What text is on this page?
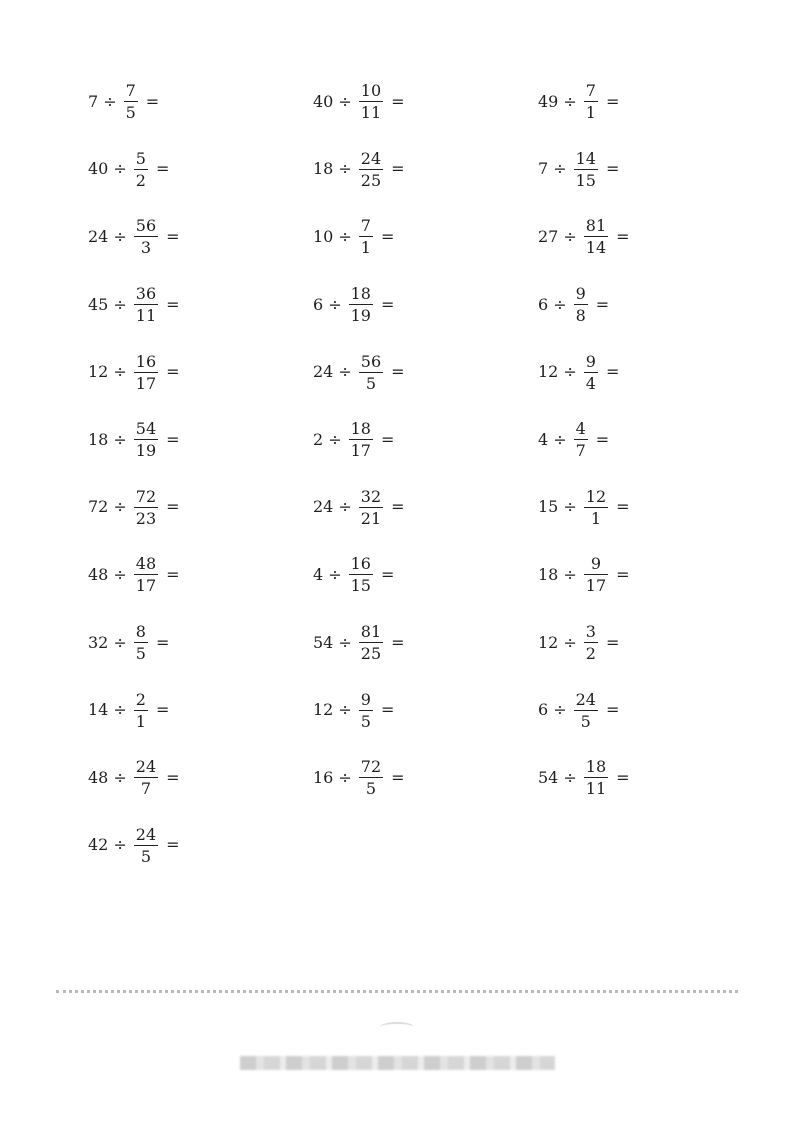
$7 \div \frac{7}{5}$ =	$40 \div \frac{10}{11}$ =	$49 \div \frac{7}{1}$ =
$40 \div \frac{5}{2}$ =	$18 \div \frac{24}{25}$ =	$7 \div \frac{14}{15}$ =
$24 \div \frac{56}{3}$ =	$10 \div \frac{7}{1}$ =	$27 \div \frac{81}{14}$ =
$45 \div \frac{36}{11}$ =	$6 \div \frac{18}{19}$ =	$6 \div \frac{9}{8}$ =
$12 \div \frac{16}{17}$ =	$24 \div \frac{56}{5}$ =	$12 \div \frac{9}{4}$ =
$18 \div \frac{54}{19}$ =	$2 \div \frac{18}{17}$ =	$4 \div \frac{4}{7}$ =
$72 \div \frac{72}{23}$ =	$24 \div \frac{32}{21}$ =	$15 \div \frac{12}{1}$ =
$48 \div \frac{48}{17}$ =	$4 \div \frac{16}{15}$ =	$18 \div \frac{9}{17}$ =
$32 \div \frac{8}{5}$ =	$54 \div \frac{81}{25}$ =	$12 \div \frac{3}{2}$ =
$14 \div \frac{2}{1}$ =	$12 \div \frac{9}{5}$ =	$6 \div \frac{24}{5}$ =
$48 \div \frac{24}{7}$ =	$16 \div \frac{72}{5}$ =	$54 \div \frac{18}{11}$ =
$42 \div \frac{24}{5}$ =
